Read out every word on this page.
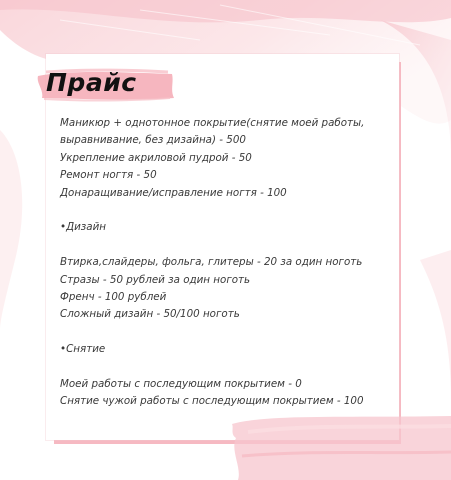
Прайс
Маникюр + однотонное покрытие(снятие моей работы, выравнивание, без дизайна) - 500
Укрепление акриловой пудрой - 50
Ремонт ногтя - 50
Донаращивание/исправление ногтя - 100
•Дизайн
Втирка,слайдеры, фольга, глитеры - 20 за один ноготь
Стразы - 50 рублей за один ноготь
Френч - 100 рублей
Сложный дизайн - 50/100 ноготь
•Снятие
Моей работы с последующим покрытием - 0
Снятие чужой работы с последующим покрытием - 100
